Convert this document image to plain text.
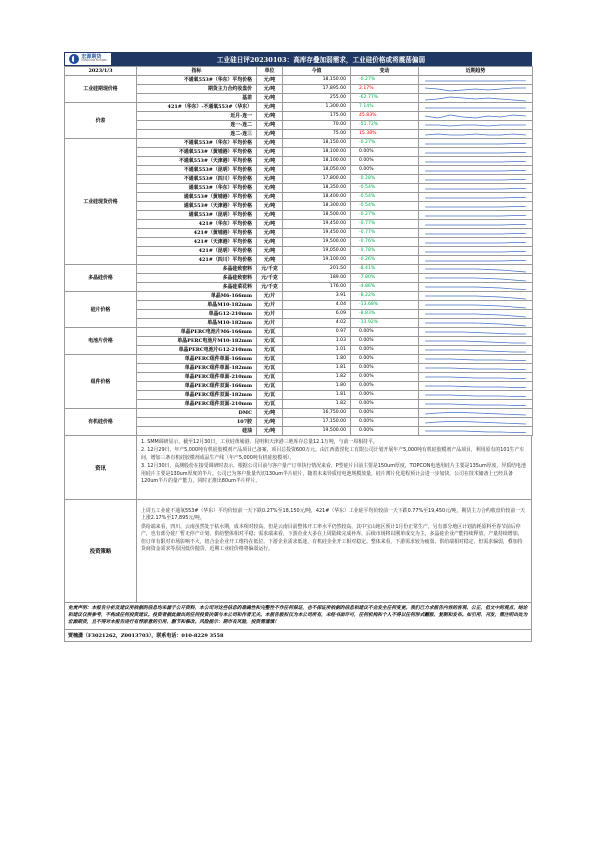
宏源期货
HONGYUAN FUTURES	工业硅日评20230103：高库存叠加弱需求，工业硅价格或将震荡偏弱
2023/1/3	指标	单位	今值	变动	近期趋势
工业硅期现价格	不通氧553#（华东）平均价格	元/吨	18,150.00	-0.27%	

	期货主力合约收盘价	元/吨	17,895.00	2.17%	

	基差	元/吨	255.00	-62.77%	

价差	421#（华东）-不通氧553#（华东）	元/吨	1,300.00	7.14%	

	近月-连一	元/吨	175.00	45.83%	

	连一-连二	元/吨	70.00	-51.72%	

	连二-连三	元/吨	75.00	15.38%	

工业硅现货价格	不通氧553#（华东）平均价格	元/吨	18,150.00	-0.27%	

	不通氧553#（黄埔港）平均价格	元/吨	18,100.00	0.00%	

	不通氧553#（天津港）平均价格	元/吨	18,100.00	0.00%	

	不通氧553#（昆明）平均价格	元/吨	18,050.00	0.00%	

	不通氧553#（四川）平均价格	元/吨	17,800.00	-0.28%	

	通氧553#（华东）平均价格	元/吨	18,350.00	-0.54%	

	通氧553#（黄埔港）平均价格	元/吨	18,400.00	-0.54%	

	通氧553#（天津港）平均价格	元/吨	18,300.00	-0.54%	

	通氧553#（昆明）平均价格	元/吨	18,500.00	-0.27%	

	421#（华东）平均价格	元/吨	19,450.00	-0.77%	

	421#（黄埔港）平均价格	元/吨	19,450.00	-0.77%	

	421#（天津港）平均价格	元/吨	19,500.00	-0.76%	

	421#（昆明）平均价格	元/吨	19,050.00	-0.78%	

	421#（四川）平均价格	元/吨	19,100.00	-0.26%	

多晶硅价格	多晶硅致密料	元/千克	201.50	-8.41%	

	多晶硅致密料	元/千克	189.00	-7.80%	

	多晶硅菜花料	元/千克	176.00	-4.86%	

硅片价格	单晶M6-166mm	元/片	3.91	-8.22%	

	单晶M10-182mm	元/片	4.04	-13.68%	

	单晶G12-210mm	元/片	6.09	-8.83%	

	单晶M10-182mm	元/片	4.02	-13.92%	

电池片价格	单晶PERC电池片M6-166mm	元/瓦	0.97	0.00%	

	单晶PERC电池片M10-182mm	元/瓦	1.03	0.00%	

	单晶PERC电池片G12-210mm	元/瓦	1.01	0.00%	

组件价格	单晶PERC组件单面-166mm	元/瓦	1.80	0.00%	

	单晶PERC组件单面-182mm	元/瓦	1.81	0.00%	

	单晶PERC组件单面-210mm	元/瓦	1.82	0.00%	

	单晶PERC组件双面-166mm	元/瓦	1.80	0.00%	

	单晶PERC组件双面-182mm	元/瓦	1.81	0.00%	

	单晶PERC组件双面-210mm	元/瓦	1.82	0.00%	

有机硅价格	DMC	元/吨	16,750.00	0.00%	

	107胶	元/吨	17,150.00	0.00%	

	硅油	元/吨	19,500.00	0.00%	
资讯

1. SMM调研显示，截至12月30日，工业硅黄埔港、昆明和天津港三地库存总量12.1万吨，与前一周相持平。

2. 12月29日，年产5,000吨有机硅胶模剂产品项目已备案，项目总投资600万元。由江西蓝滢化工有限公司计划开展年产5,000吨有机硅胶模剂产品项目，利用原有的101生产车间，增加三条有机硅胶模剂成品生产线（年产5,000吨有机硅胶模剂）。

3. 12月30日，高测股份在接受调研时表示，根据公司目前与客户量产订单执行情况来看，P型硅片目前主要是150um厚度，TOPCON电池用硅片主要是135um厚度，异质结电池用硅片主要是130um厚度的半片。公司已为客户批量代切130um半片硅片，随着未来异质结电池规模放量，硅片薄片化进程预计会进一步加快，公司在技术储备上已经具备120um半片的量产能力，同时正推出80um半片样片。

投资策略

上周五工业硅不通氧553#（华东）平均价较前一天下跌0.27%至18,150元/吨，421#（华东）工业硅平均价较前一天下跌0.77%至19,450元/吨，期货主力合约收盘价较前一天上涨2.17%至17,895元/吨。

供给端来看，四川、云南虽然处于枯水期，成本相对较高，但是云南目前整体开工率水平仍然较高，其中宝山地区预计1月份正常生产，另有部分地区计划消耗原料至春节前后停产，也有部分硅厂暂无停产计划，供给整体相对平稳；需求端来看，下游企业大多在上周陆续完成补库，后续市场将以刚单成交为主，多晶硅企业产能持续释放，产量持续增加，但订单有限对市场影响不大，铝合金企业开工维持在低位，下游企业需求低迷，有机硅企业开工相对稳定。整体来看，下游需求较为疲弱，供给端相对稳定，但需求偏弱，叠加持货商资金需求等原因低价抛货，近期工业硅价格将偏弱运行。

免责声明：本报告分析及建议所依据的信息均来源于公开资料，本公司对这些信息的准确性和完整性不作任何保证，也不保证所依据的信息和建议不会发生任何变更。我们已力求报告内容的客观、公正，但文中的观点、结论和建议仅供参考，不构成任何投资建议。投资者据此做出的任何投资决策与本公司和作者无关。本报告版权仅为本公司所有，未经书面许可，任何机构和个人不得以任何形式翻版、复制和发布。如引用、刊发，需注明出处为宏源期货，且不得对本报告进行有悖原意的引用、删节和修改。风险提示：期市有风险，投资需谨慎！
贾楠潇（F3021262，Z0013703），联系电话：010-8229 3558
